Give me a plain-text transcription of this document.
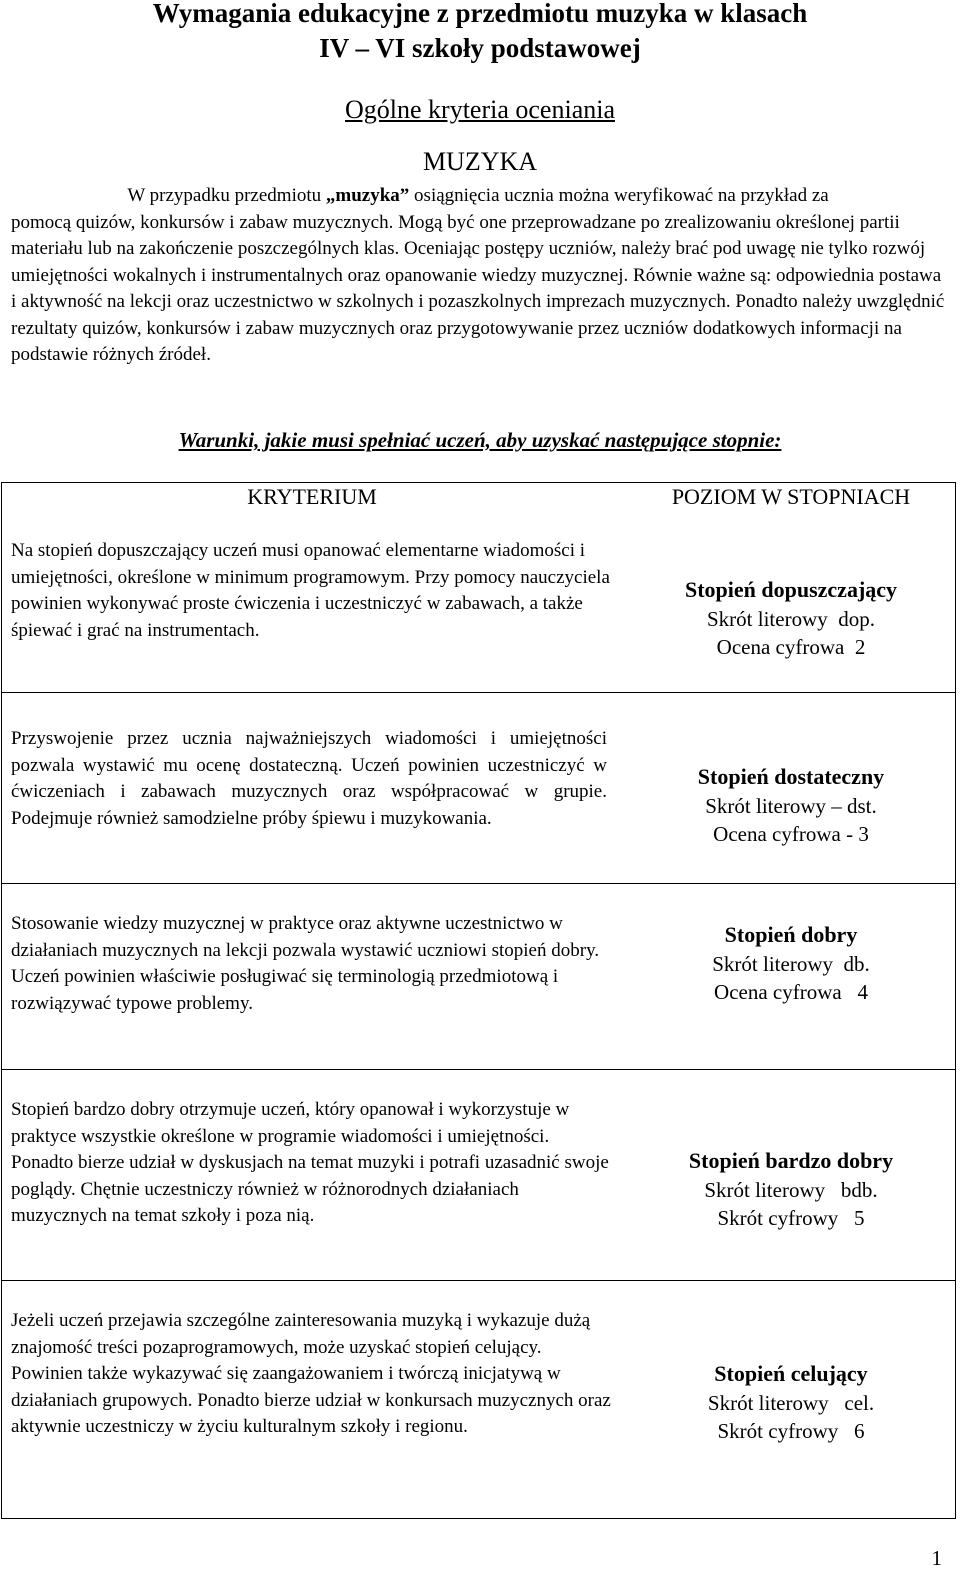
Wymagania edukacyjne z przedmiotu muzyka w klasach
IV – VI szkoły podstawowej
Ogólne kryteria oceniania
MUZYKA

W przypadku przedmiotu „muzyka” osiągnięcia ucznia można weryfikować na przykład za

pomocą quizów, konkursów i zabaw muzycznych. Mogą być one przeprowadzane po zrealizowaniu określonej partii materiału lub na zakończenie poszczególnych klas. Oceniając postępy uczniów, należy brać pod uwagę nie tylko rozwój umiejętności wokalnych i instrumentalnych oraz opanowanie wiedzy muzycznej. Równie ważne są: odpowiednia postawa i aktywność na lekcji oraz uczestnictwo w szkolnych i pozaszkolnych imprezach muzycznych. Ponadto należy uwzględnić rezultaty quizów, konkursów i zabaw muzycznych oraz przygotowywanie przez uczniów dodatkowych informacji na podstawie różnych źródeł.

Warunki, jakie musi spełniać uczeń, aby uzyskać następujące stopnie:
KRYTERIUM	POZIOM W STOPNIACH
Na stopień dopuszczający uczeń musi opanować elementarne wiadomości i umiejętności, określone w minimum programowym. Przy pomocy nauczyciela powinien wykonywać proste ćwiczenia i uczestniczyć w zabawach, a także śpiewać i grać na instrumentach.
Stopień dopuszczający
Skrót literowy  dop.
Ocena cyfrowa  2
Przyswojenie przez ucznia najważniejszych wiadomości i umiejętności pozwala wystawić mu ocenę dostateczną. Uczeń powinien uczestniczyć w ćwiczeniach i zabawach muzycznych oraz współpracować w grupie. Podejmuje również samodzielne próby śpiewu i muzykowania.
Stopień dostateczny
Skrót literowy – dst.
Ocena cyfrowa - 3
Stosowanie wiedzy muzycznej w praktyce oraz aktywne uczestnictwo w działaniach muzycznych na lekcji pozwala wystawić uczniowi stopień dobry. Uczeń powinien właściwie posługiwać się terminologią przedmiotową i rozwiązywać typowe problemy.
Stopień dobry
Skrót literowy  db.
Ocena cyfrowa   4
Stopień bardzo dobry otrzymuje uczeń, który opanował i wykorzystuje w praktyce wszystkie określone w programie wiadomości i umiejętności. Ponadto bierze udział w dyskusjach na temat muzyki i potrafi uzasadnić swoje poglądy. Chętnie uczestniczy również w różnorodnych działaniach muzycznych na temat szkoły i poza nią.
Stopień bardzo dobry
Skrót literowy   bdb.
Skrót cyfrowy   5
Jeżeli uczeń przejawia szczególne zainteresowania muzyką i wykazuje dużą znajomość treści pozaprogramowych, może uzyskać stopień celujący. Powinien także wykazywać się zaangażowaniem i twórczą inicjatywą w działaniach grupowych. Ponadto bierze udział w konkursach muzycznych oraz aktywnie uczestniczy w życiu kulturalnym szkoły i regionu.
Stopień celujący
Skrót literowy   cel.
Skrót cyfrowy   6
1
